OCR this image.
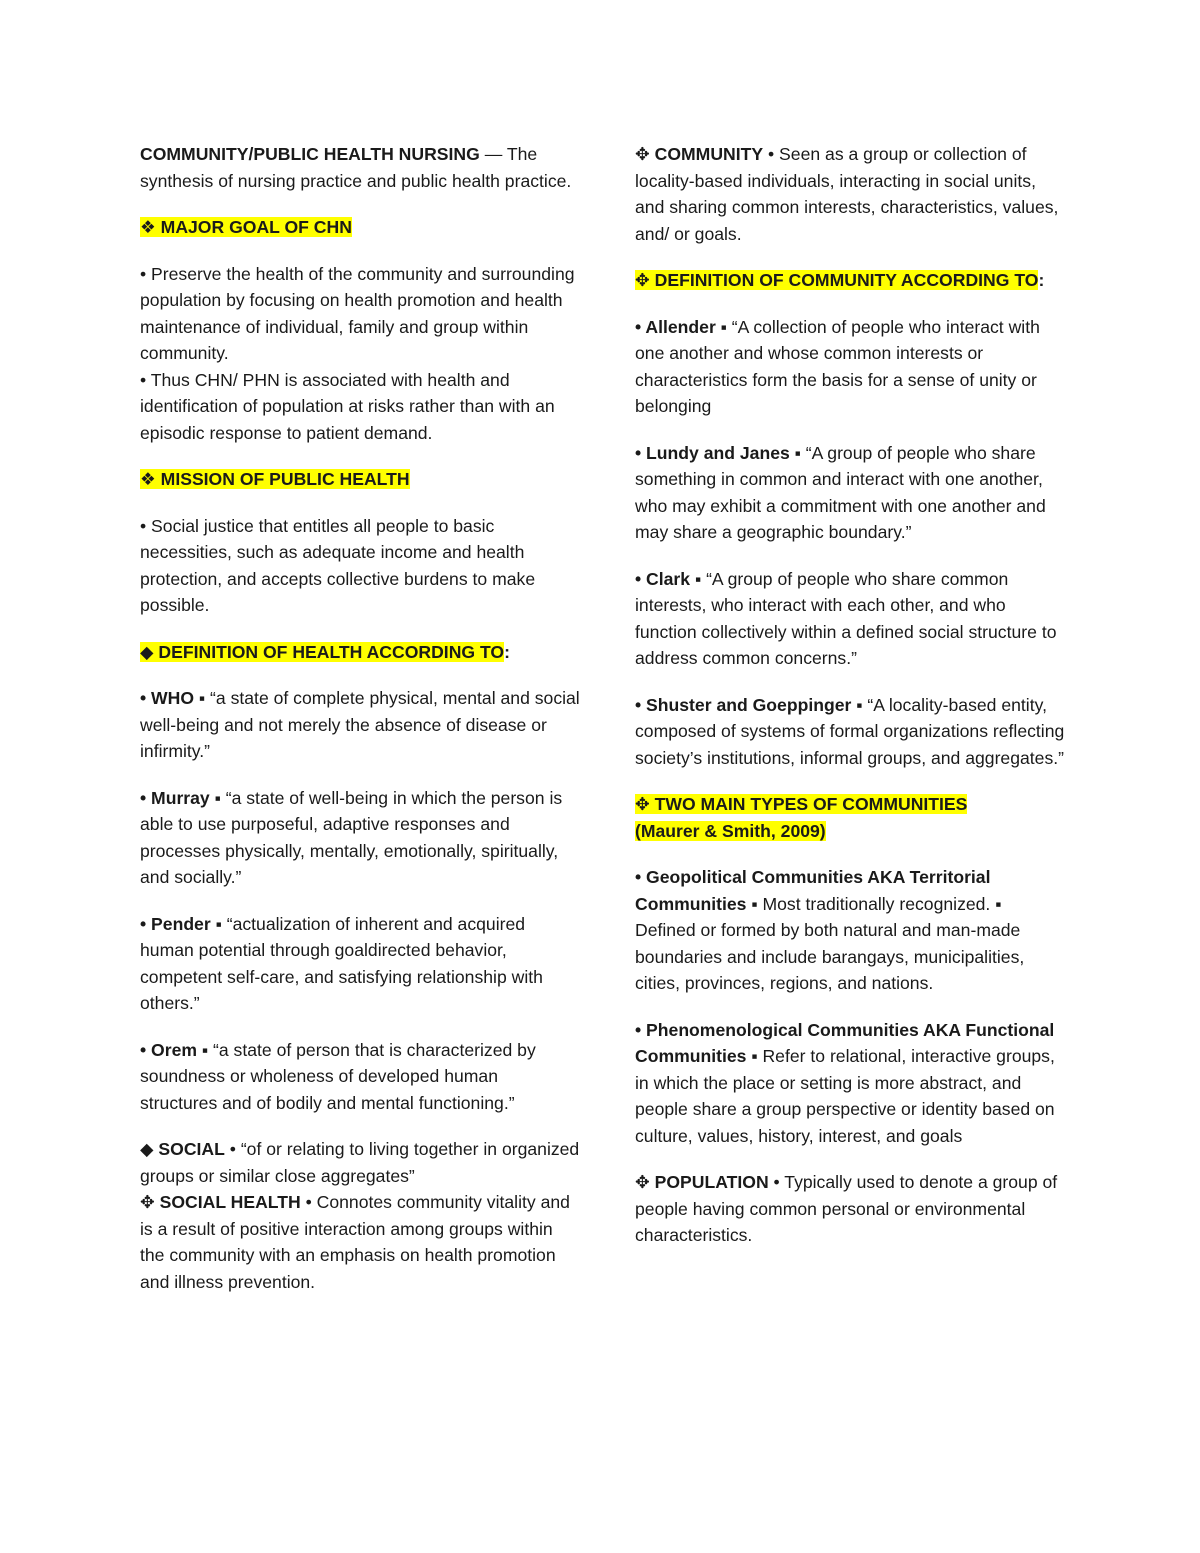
COMMUNITY/PUBLIC HEALTH NURSING — The synthesis of nursing practice and public health practice.

❖ MAJOR GOAL OF CHN

• Preserve the health of the community and surrounding population by focusing on health promotion and health maintenance of individual, family and group within community.

• Thus CHN/ PHN is associated with health and identification of population at risks rather than with an episodic response to patient demand.

❖ MISSION OF PUBLIC HEALTH

• Social justice that entitles all people to basic necessities, such as adequate income and health protection, and accepts collective burdens to make possible.

◆ DEFINITION OF HEALTH ACCORDING TO:

• WHO ▪ “a state of complete physical, mental and social well-being and not merely the absence of disease or infirmity.”

• Murray ▪ “a state of well-being in which the person is able to use purposeful, adaptive responses and processes physically, mentally, emotionally, spiritually, and socially.”

• Pender ▪ “actualization of inherent and acquired human potential through goaldirected behavior, competent self-care, and satisfying relationship with others.”

• Orem ▪ “a state of person that is characterized by soundness or wholeness of developed human structures and of bodily and mental functioning.”

◆ SOCIAL • “of or relating to living together in organized groups or similar close aggregates”

✥ SOCIAL HEALTH • Connotes community vitality and is a result of positive interaction among groups within the community with an emphasis on health promotion and illness prevention.

✥ COMMUNITY • Seen as a group or collection of locality-based individuals, interacting in social units, and sharing common interests, characteristics, values, and/ or goals.

✥ DEFINITION OF COMMUNITY ACCORDING TO:

• Allender ▪ “A collection of people who interact with one another and whose common interests or characteristics form the basis for a sense of unity or belonging

• Lundy and Janes ▪ “A group of people who share something in common and interact with one another, who may exhibit a commitment with one another and may share a geographic boundary.”

• Clark ▪ “A group of people who share common interests, who interact with each other, and who function collectively within a defined social structure to address common concerns.”

• Shuster and Goeppinger ▪ “A locality-based entity, composed of systems of formal organizations reflecting society’s institutions, informal groups, and aggregates.”

✥ TWO MAIN TYPES OF COMMUNITIES
(Maurer & Smith, 2009)

• Geopolitical Communities AKA Territorial Communities ▪ Most traditionally recognized. ▪ Defined or formed by both natural and man-made boundaries and include barangays, municipalities, cities, provinces, regions, and nations.

• Phenomenological Communities AKA Functional Communities ▪ Refer to relational, interactive groups, in which the place or setting is more abstract, and people share a group perspective or identity based on culture, values, history, interest, and goals

✥ POPULATION • Typically used to denote a group of people having common personal or environmental characteristics.
